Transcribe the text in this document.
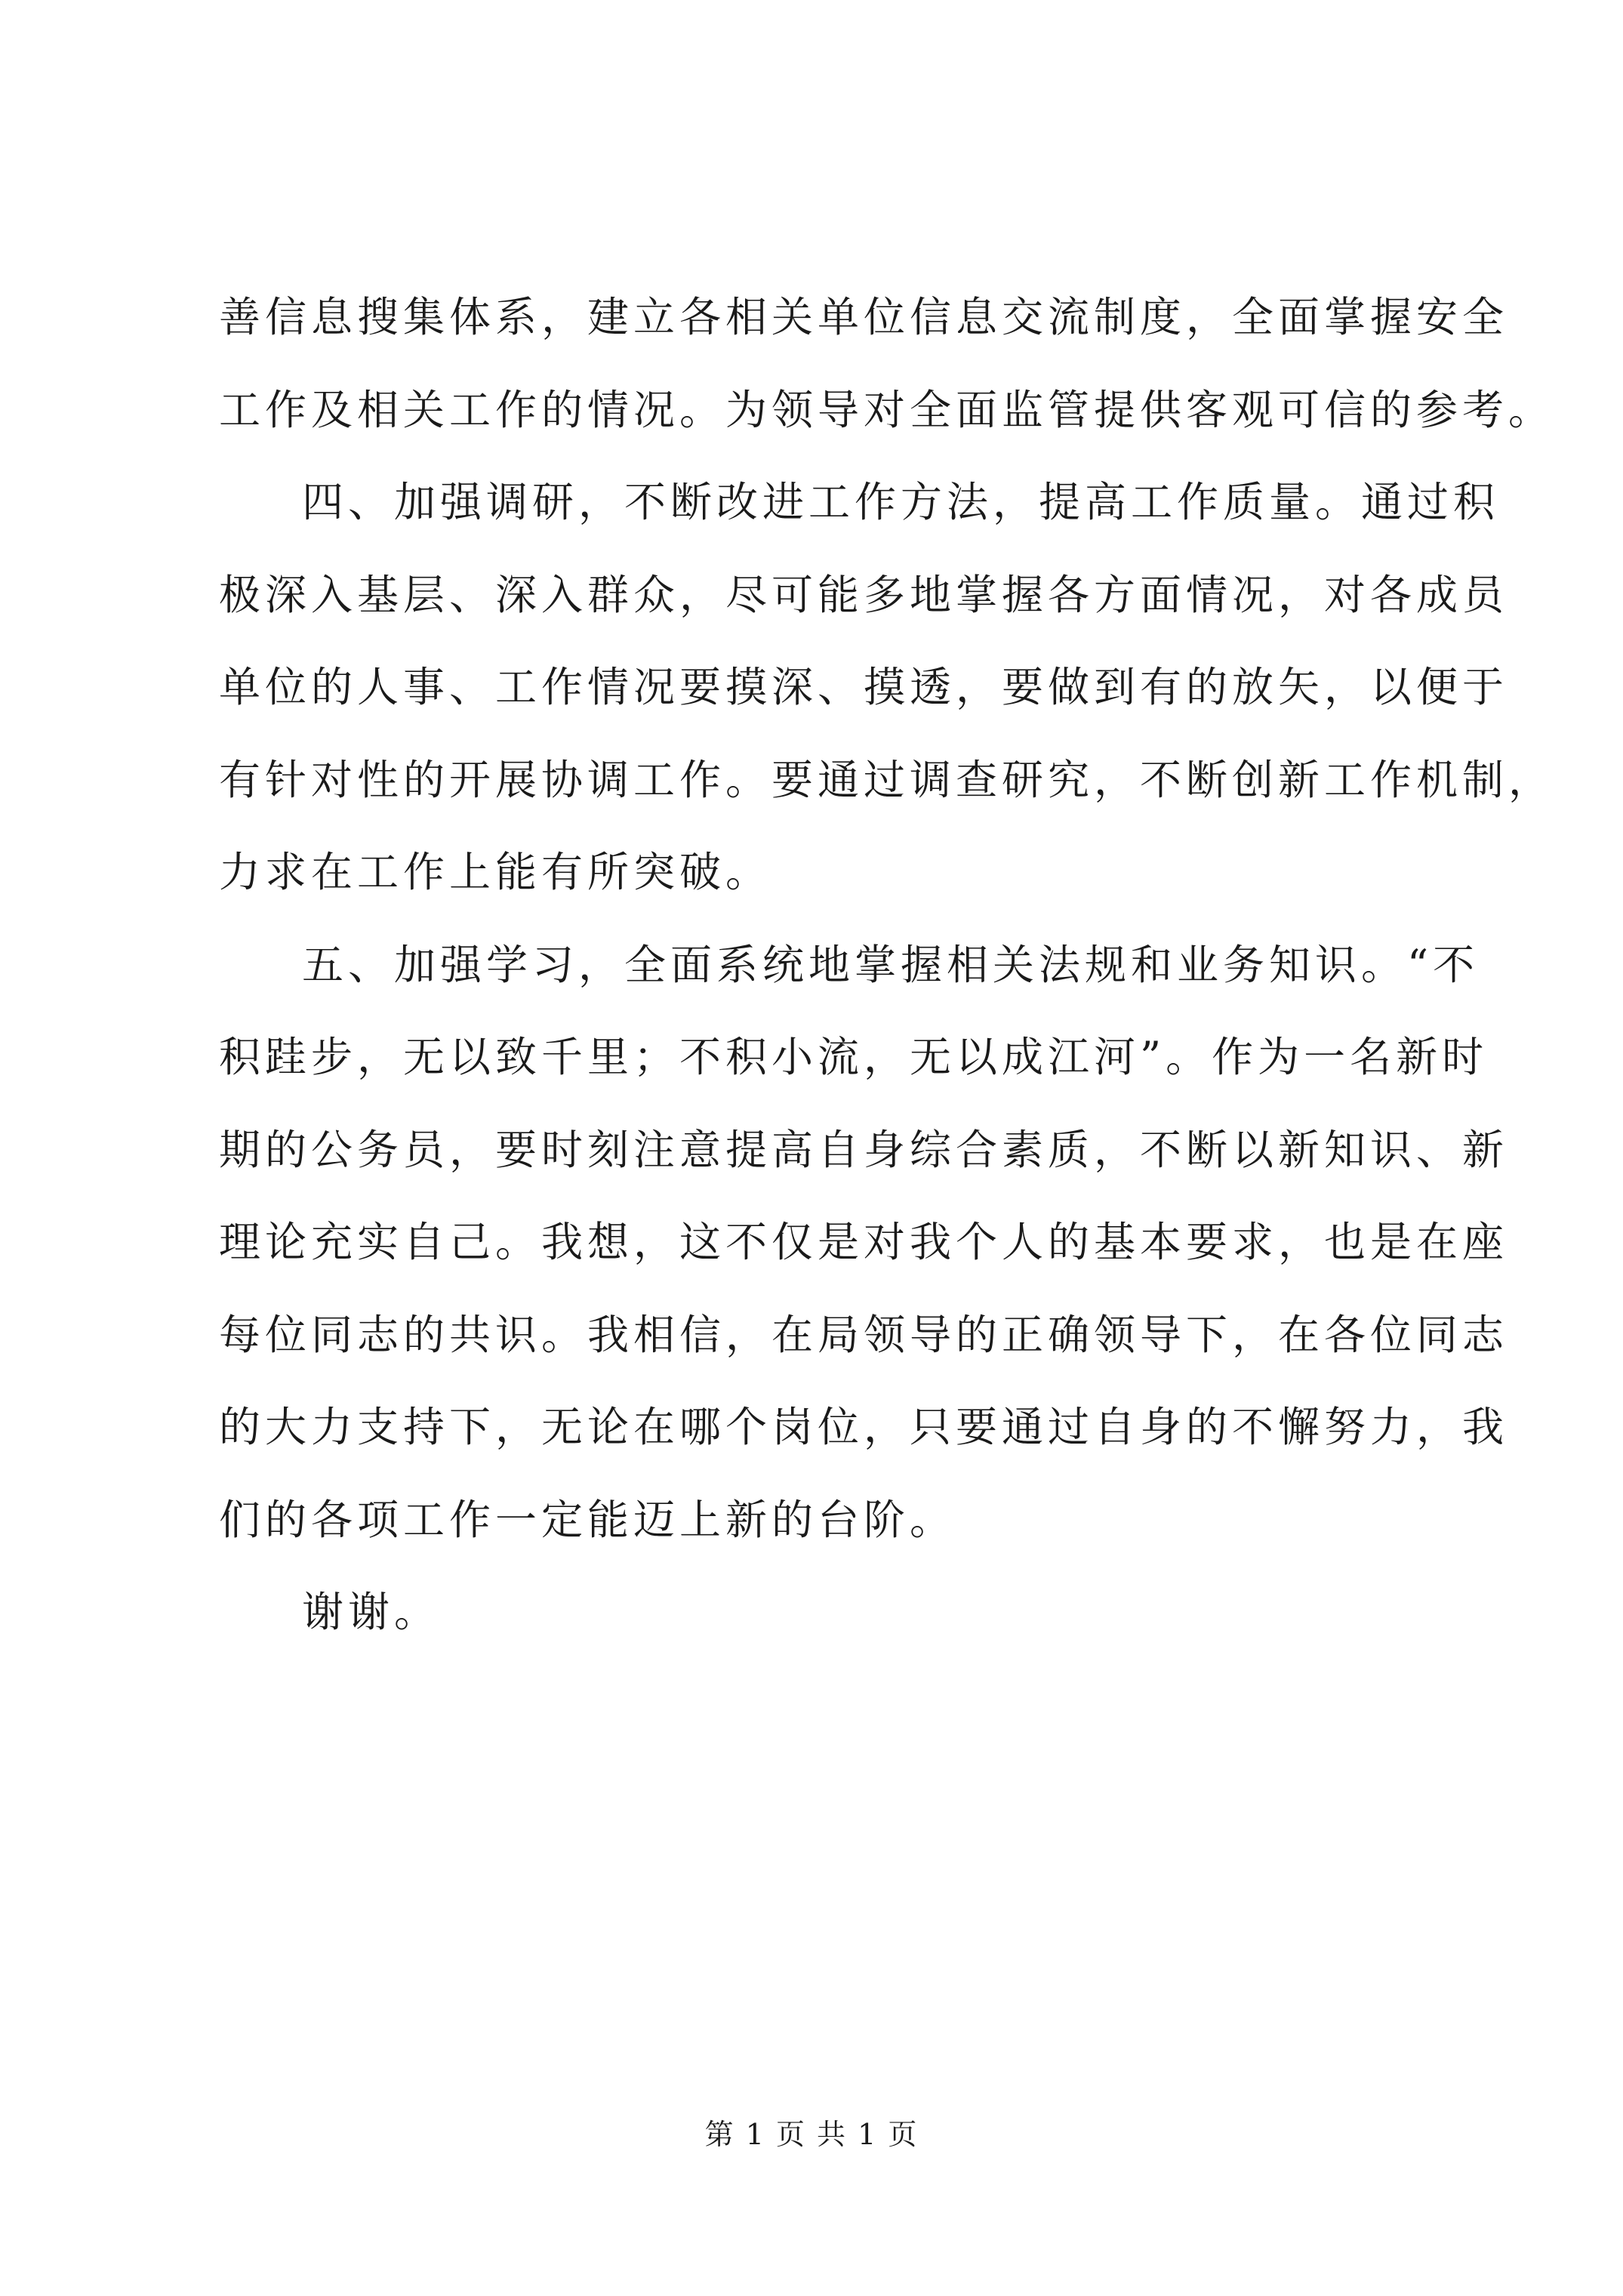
善信息搜集体系，建立各相关单位信息交流制度，全面掌握安全
工作及相关工作的情况。为领导对全面监管提供客观可信的参考。
四、加强调研，不断改进工作方法，提高工作质量。通过积
极深入基层、深入群众，尽可能多地掌握各方面情况，对各成员
单位的人事、工作情况要摸深、摸透，要做到有的放矢，以便于
有针对性的开展协调工作。要通过调查研究，不断创新工作机制，
力求在工作上能有所突破。
五、加强学习，全面系统地掌握相关法规和业务知识。“不
积跬步，无以致千里；不积小流，无以成江河”。作为一名新时
期的公务员，要时刻注意提高自身综合素质，不断以新知识、新
理论充实自己。我想，这不仅是对我个人的基本要求，也是在座
每位同志的共识。我相信，在局领导的正确领导下，在各位同志
的大力支持下，无论在哪个岗位，只要通过自身的不懈努力，我
们的各项工作一定能迈上新的台阶。
谢谢。
第 1 页 共 1 页
